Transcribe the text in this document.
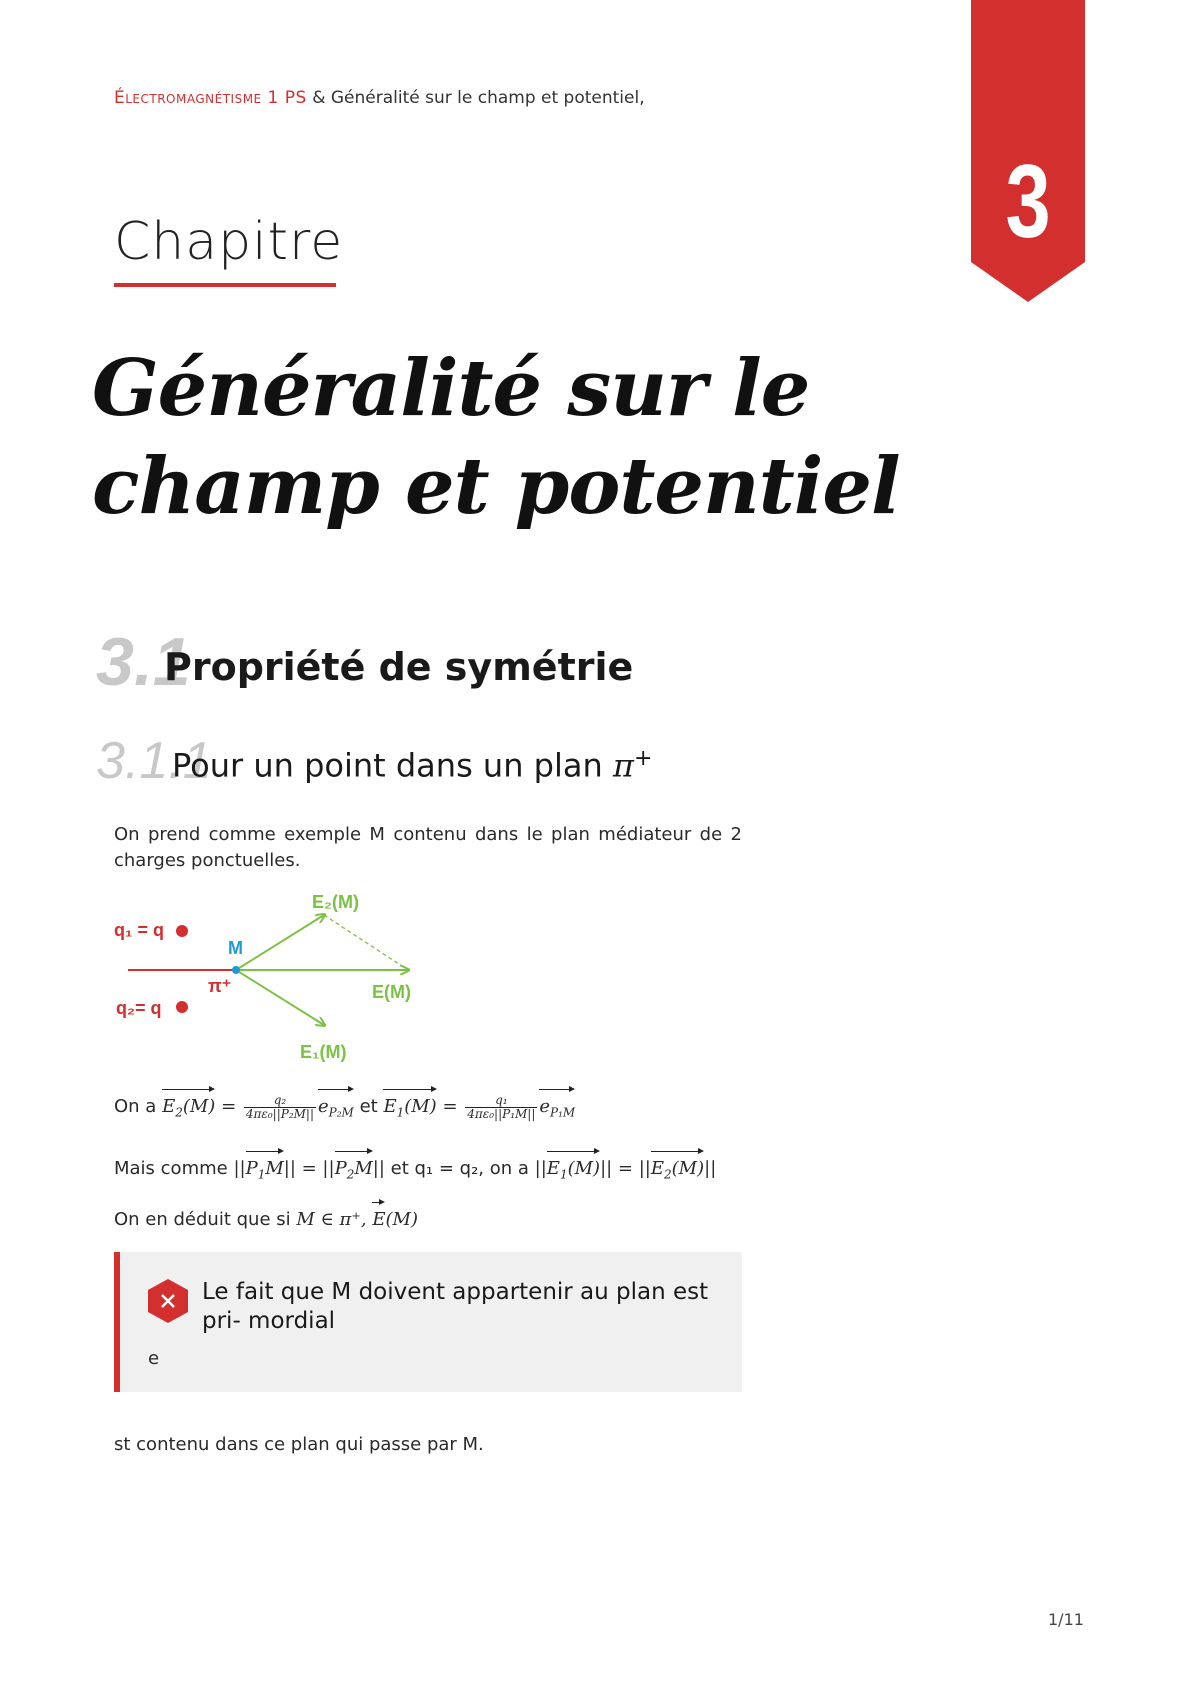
Électromagnétisme 1 PS & Généralité sur le champ et potentiel,
3
Chapitre
Généralité sur le champ et potentiel
3.1
Propriété de symétrie
3.1.1
Pour un point dans un plan π+
On prend comme exemple M contenu dans le plan médiateur de 2 charges ponctuelles.
q₁ = q
q₂= q
M
π⁺
E₂(M)
E(M)
E₁(M)
On a $E_2(M) = \frac{\text{q₂}}{\text{4πε₀||P₂M||}} e_{P_2M}$ et $E_1(M) = \frac{\text{q₁}}{\text{4πε₀||P₁M||}} e_{P_1M}$
Mais comme $||P_1M|| = ||P_2M||$ et q₁ = q₂, on a $||E_1(M)|| = ||E_2(M)||$
On en déduit que si M ∈ π⁺, E(M)
Le fait que M doivent appartenir au plan est pri- mordial
e
st contenu dans ce plan qui passe par M.
1/11
